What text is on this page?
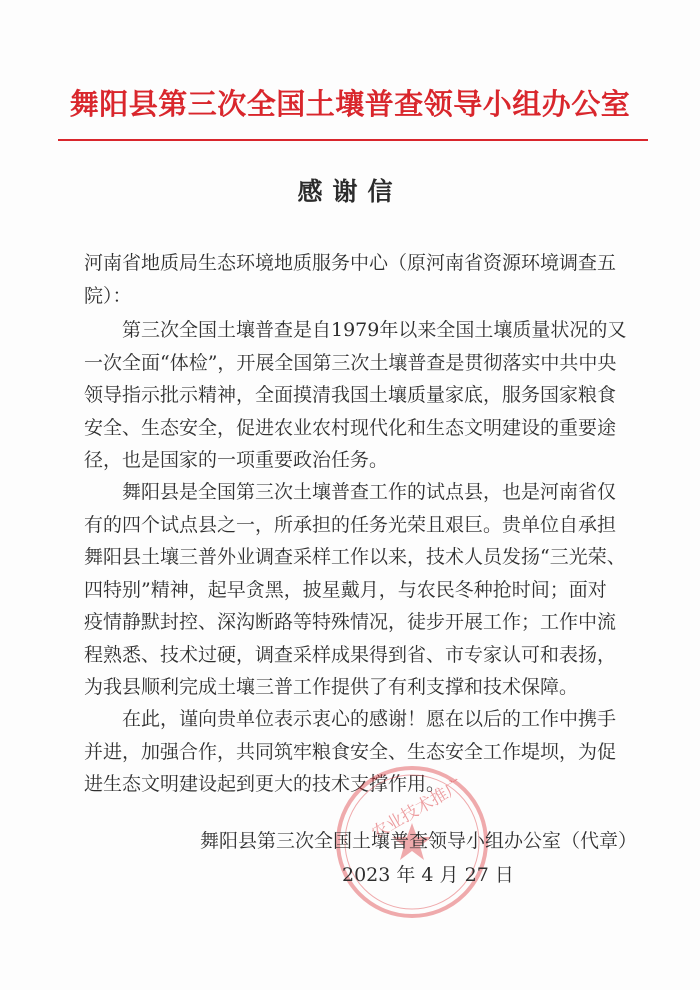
舞阳县第三次全国土壤普查领导小组办公室
感谢信
河南省地质局生态环境地质服务中心（原河南省资源环境调查五
院）：
第三次全国土壤普查是自1979年以来全国土壤质量状况的又
一次全面“体检”，开展全国第三次土壤普查是贯彻落实中共中央
领导指示批示精神，全面摸清我国土壤质量家底，服务国家粮食
安全、生态安全，促进农业农村现代化和生态文明建设的重要途
径，也是国家的一项重要政治任务。
舞阳县是全国第三次土壤普查工作的试点县，也是河南省仅
有的四个试点县之一，所承担的任务光荣且艰巨。贵单位自承担
舞阳县土壤三普外业调查采样工作以来，技术人员发扬“三光荣、
四特别”精神，起早贪黑，披星戴月，与农民冬种抢时间；面对
疫情静默封控、深沟断路等特殊情况，徒步开展工作；工作中流
程熟悉、技术过硬，调查采样成果得到省、市专家认可和表扬，
为我县顺利完成土壤三普工作提供了有利支撑和技术保障。
在此，谨向贵单位表示衷心的感谢！愿在以后的工作中携手
并进，加强合作，共同筑牢粮食安全、生态安全工作堤坝，为促
进生态文明建设起到更大的技术支撑作用。
农业技术推广
舞阳县第三次全国土壤普查领导小组办公室（代章）
2023 年 4 月 27 日
